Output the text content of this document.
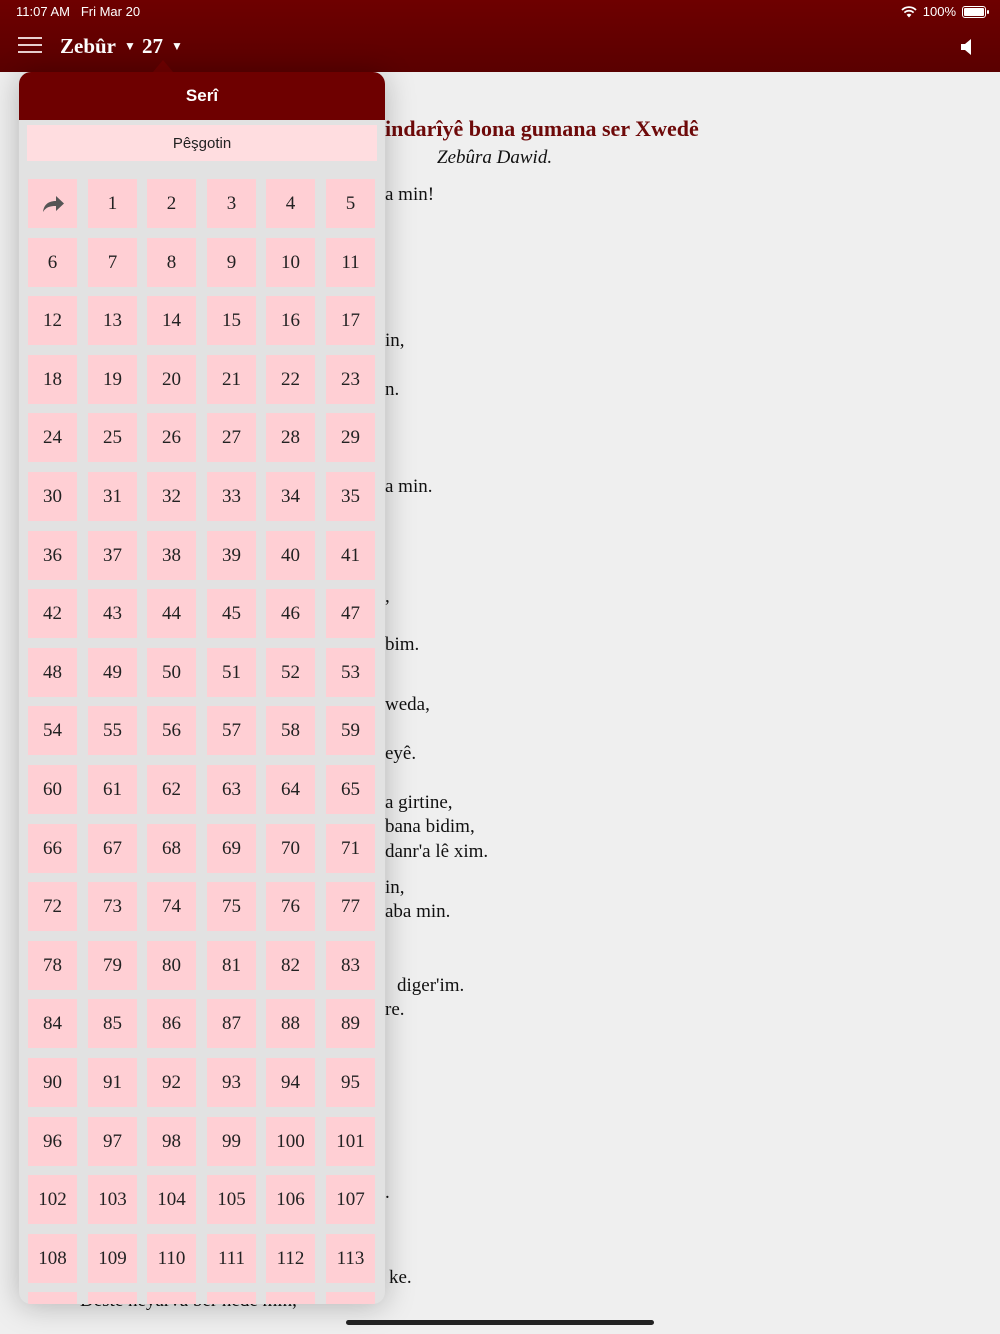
11:07 AM Fri Mar 20	100%
Zebûr ▼ 27 ▼
indarîyê bona gumana ser Xwedê
Zebûra Dawid.
a min!
in,
n.
a min.
,
bim.
weda,
eyê.
a girtine,
bana bidim,
danr'a lê xim.
in,
aba min.
diger'im.
re.
.
ke.
Serî
Pêşgotin
1	2	3	4	5
6	7	8	9 10 11
12 13 14 15 16 17
18 19 20 21 22 23
24 25 26 27 28 29
30 31 32 33 34 35
36 37 38 39 40 41
42 43 44 45 46 47
48 49 50 51 52 53
54 55 56 57 58 59
60 61 62 63 64 65
66 67 68 69 70 71
72 73 74 75 76 77
78 79 80 81 82 83
84 85 86 87 88 89
90 91 92 93 94 95
96 97 98 99 100 101
102 103 104 105 106 107
108 109 110 111 112 113
